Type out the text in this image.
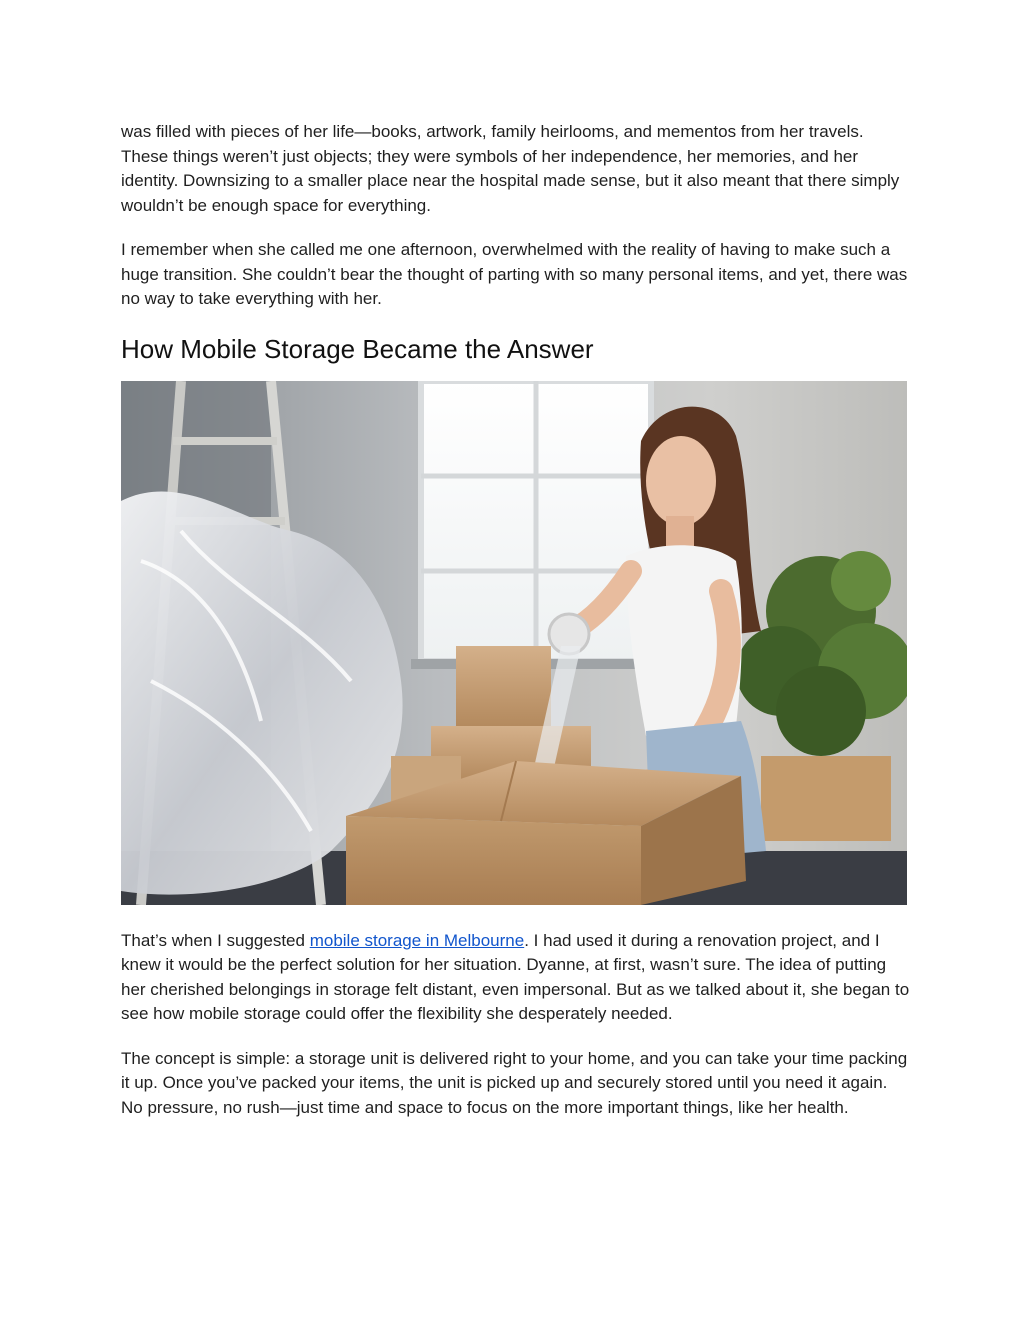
was filled with pieces of her life—books, artwork, family heirlooms, and mementos from her travels. These things weren’t just objects; they were symbols of her independence, her memories, and her identity. Downsizing to a smaller place near the hospital made sense, but it also meant that there simply wouldn’t be enough space for everything.

I remember when she called me one afternoon, overwhelmed with the reality of having to make such a huge transition. She couldn’t bear the thought of parting with so many personal items, and yet, there was no way to take everything with her.

How Mobile Storage Became the Answer

That’s when I suggested mobile storage in Melbourne. I had used it during a renovation project, and I knew it would be the perfect solution for her situation. Dyanne, at first, wasn’t sure. The idea of putting her cherished belongings in storage felt distant, even impersonal. But as we talked about it, she began to see how mobile storage could offer the flexibility she desperately needed.

The concept is simple: a storage unit is delivered right to your home, and you can take your time packing it up. Once you’ve packed your items, the unit is picked up and securely stored until you need it again. No pressure, no rush—just time and space to focus on the more important things, like her health.
